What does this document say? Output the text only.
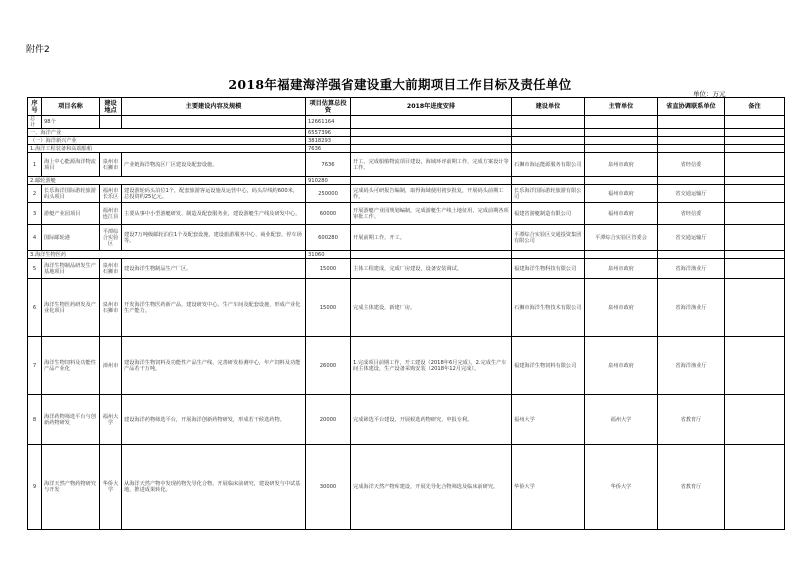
附件2
2018年福建海洋强省建设重大前期项目工作目标及责任单位
单位：万元
序号	项目名称	建设地点	主要建设内容及规模	项目估算总投资	2018年进度安排	建设单位	主管单位	省直协调联系单位	备注
总计	98个			12661164					
一、海洋产业				6557396					
（一）海洋新兴产业				3818293					
1.海洋工程装备和高端船舶				7636					
1	海上中心能源海洋物流项目	泉州市石狮市	产业链海洋物流区厂区建设及配套设施。	7636	开工，完成船舶物流项目建设，海域环评前期工作，完成方案设计等工作。	石狮市海运能源服务有限公司	泉州市政府	省经信委	
2.邮轮游艇				910280					
2	长乐海洋国际游轮旅游码头项目	福州市长乐区	建设游轮码头泊位1个，配套旅游客运设施及运营中心，码头岸线约600米，总投资约25亿元。	250000	完成码头可研报告编制，取得海域使用初步批复，开展码头前期工作。	长乐海洋国际游轮旅游有限公司	福州市政府	省交通运输厅	
3	游艇产业园项目	福州市连江县	主要从事中小型游艇研发、制造及配套服务业，建设游艇生产线及研发中心。	60000	开展游艇产业园规划编制，完成游艇生产线土地征用，完成前期各项审批工作。	福建省游艇制造有限公司	福州市政府	省经信委	
4	国际邮轮港	平潭综合实验区	建设7万吨级邮轮泊位1个及配套设施，建设旅游服务中心、商业配套、停车场等。	600280	开展前期工作，开工。	平潭综合实验区交通投资集团有限公司	平潭综合实验区管委会	省交通运输厅	
3.海洋生物医药				31060					
5	海洋生物制品研发生产基地项目	泉州市石狮市	建设海洋生物制品生产厂区。	15000	主体工程建成，完成厂房建设，设备安装调试。	福建海洋生物科技有限公司	泉州市政府	省海洋渔业厅	
6	海洋生物医药研发及产业化项目	泉州市石狮市	开发海洋生物医药新产品，建设研发中心、生产车间及配套设施，形成产业化生产能力。	15000	完成主体建设，新建厂房。	石狮市海洋生物技术有限公司	泉州市政府	省海洋渔业厅	
7	海洋生物饲料及功能性产品产业化	漳州市	建设海洋生物饲料及功能性产品生产线，完善研发检测中心，年产饲料及功能产品若干万吨。	26000	1.完成项目前期工作，开工建设（2018年6月完成）。2.完成生产车间主体建设，生产设备采购安装（2018年12月完成）。	福建海洋生物饲料有限公司	泉州市政府	省海洋渔业厅	
8	海洋药物筛选平台与创新药物研发	福州大学	建设海洋药物筛选平台，开展海洋创新药物研发，形成若干候选药物。	20000	完成筛选平台建设，开展候选药物研究，申报专利。	福州大学	福州大学	省教育厅	
9	海洋天然产物药物研究与开发	华侨大学	从海洋天然产物中发现药物先导化合物，开展临床前研究，建设研发与中试基地，推进成果转化。	30000	完成海洋天然产物库建设，开展先导化合物筛选及临床前研究。	华侨大学	华侨大学	省教育厅	
